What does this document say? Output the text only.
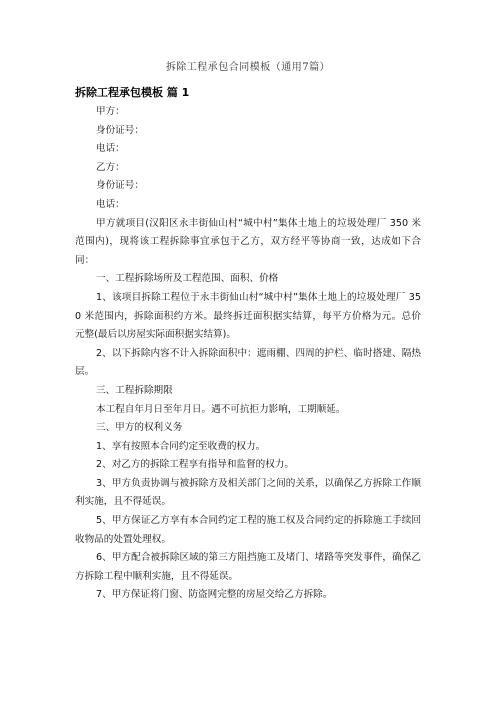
拆除工程承包合同模板（通用7篇）
拆除工程承包模板 篇 1

甲方：

身份证号：

电话：

乙方：

身份证号：

电话：

甲方就项目(汉阳区永丰街仙山村“城中村”集体土地上的垃圾处理厂 350 米范围内)，现将该工程拆除事宜承包于乙方，双方经平等协商一致，达成如下合同：

一、工程拆除场所及工程范围、面积、价格

1、该项目拆除工程位于永丰街仙山村“城中村”集体土地上的垃圾处理厂 350 米范围内，拆除面积约方米。最终拆迁面积据实结算，每平方价格为元。总价 元整(最后以房屋实际面积据实结算)。

2、以下拆除内容不计入拆除面积中：遮雨棚、四周的护栏、临时搭建、隔热层。

三、工程拆除期限

本工程自年月日至年月日。遇不可抗拒力影响，工期顺延。

三、甲方的权利义务

1、享有按照本合同约定至收费的权力。

2、对乙方的拆除工程享有指导和监督的权力。

3、甲方负责协调与被拆除方及相关部门之间的关系，以确保乙方拆除工作顺利实施，且不得延误。

5、甲方保证乙方享有本合同约定工程的施工权及合同约定的拆除施工手续回收物品的处置处理权。

6、甲方配合被拆除区域的第三方阻挡施工及堵门、堵路等突发事件，确保乙方拆除工程中顺利实施，且不得延误。

7、甲方保证将门窗、防盗网完整的房屋交给乙方拆除。
